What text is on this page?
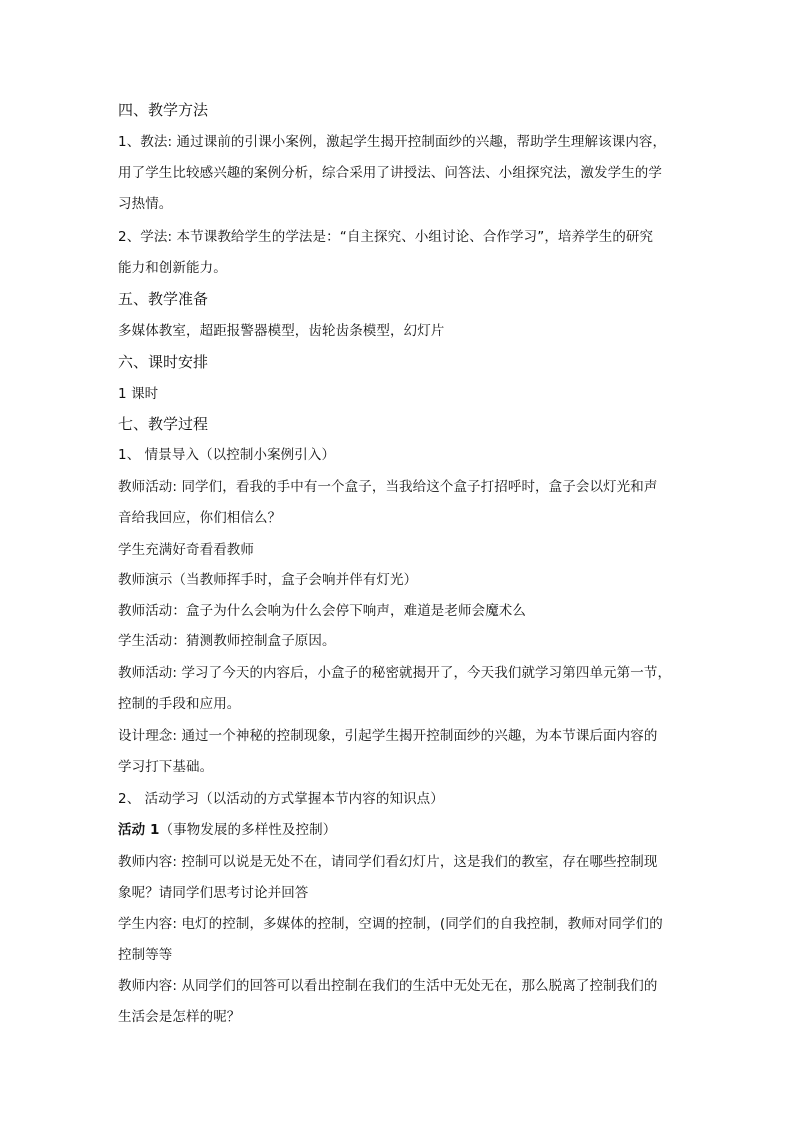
四、教学方法
1、教法: 通过课前的引课小案例，激起学生揭开控制面纱的兴趣，帮助学生理解该课内容，
用了学生比较感兴趣的案例分析，综合采用了讲授法、问答法、小组探究法，激发学生的学
习热情。
2、学法: 本节课教给学生的学法是：“自主探究、小组讨论、合作学习”，培养学生的研究
能力和创新能力。
五、教学准备
多媒体教室，超距报警器模型，齿轮齿条模型，幻灯片
六、课时安排
1 课时
七、教学过程
1、 情景导入（以控制小案例引入）
教师活动: 同学们，看我的手中有一个盒子，当我给这个盒子打招呼时，盒子会以灯光和声
音给我回应，你们相信么？
学生充满好奇看看教师
教师演示（当教师挥手时，盒子会响并伴有灯光）
教师活动：盒子为什么会响为什么会停下响声，难道是老师会魔术么
学生活动：猜测教师控制盒子原因。
教师活动: 学习了今天的内容后，小盒子的秘密就揭开了，今天我们就学习第四单元第一节，
控制的手段和应用。
设计理念: 通过一个神秘的控制现象，引起学生揭开控制面纱的兴趣，为本节课后面内容的
学习打下基础。
2、 活动学习（以活动的方式掌握本节内容的知识点）
活动 1（事物发展的多样性及控制）
教师内容: 控制可以说是无处不在，请同学们看幻灯片，这是我们的教室，存在哪些控制现
象呢？请同学们思考讨论并回答
学生内容: 电灯的控制，多媒体的控制，空调的控制，(同学们的自我控制，教师对同学们的
控制等等
教师内容: 从同学们的回答可以看出控制在我们的生活中无处无在，那么脱离了控制我们的
生活会是怎样的呢？
